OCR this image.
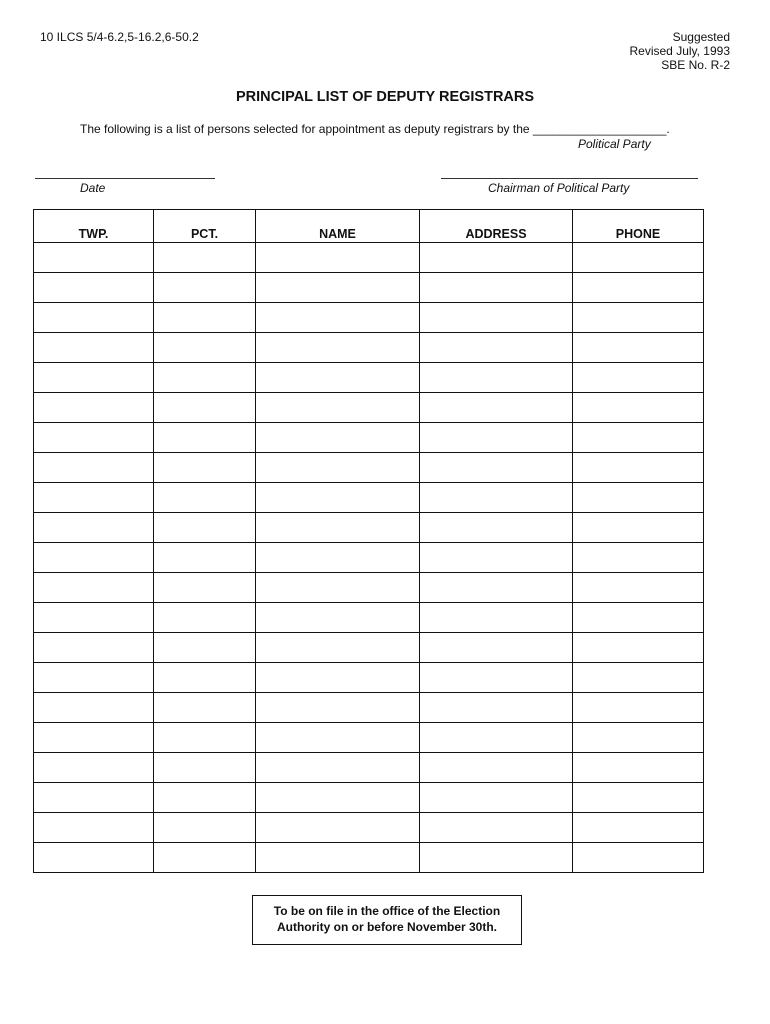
10 ILCS 5/4-6.2,5-16.2,6-50.2	Suggested
Revised July, 1993
SBE No. R-2
PRINCIPAL LIST OF DEPUTY REGISTRARS
The following is a list of persons selected for appointment as deputy registrars by the ____________________.
Political Party
Date	Chairman of Political Party
TWP.	PCT.	NAME	ADDRESS	PHONE

To be on file in the office of the Election
Authority on or before November 30th.
